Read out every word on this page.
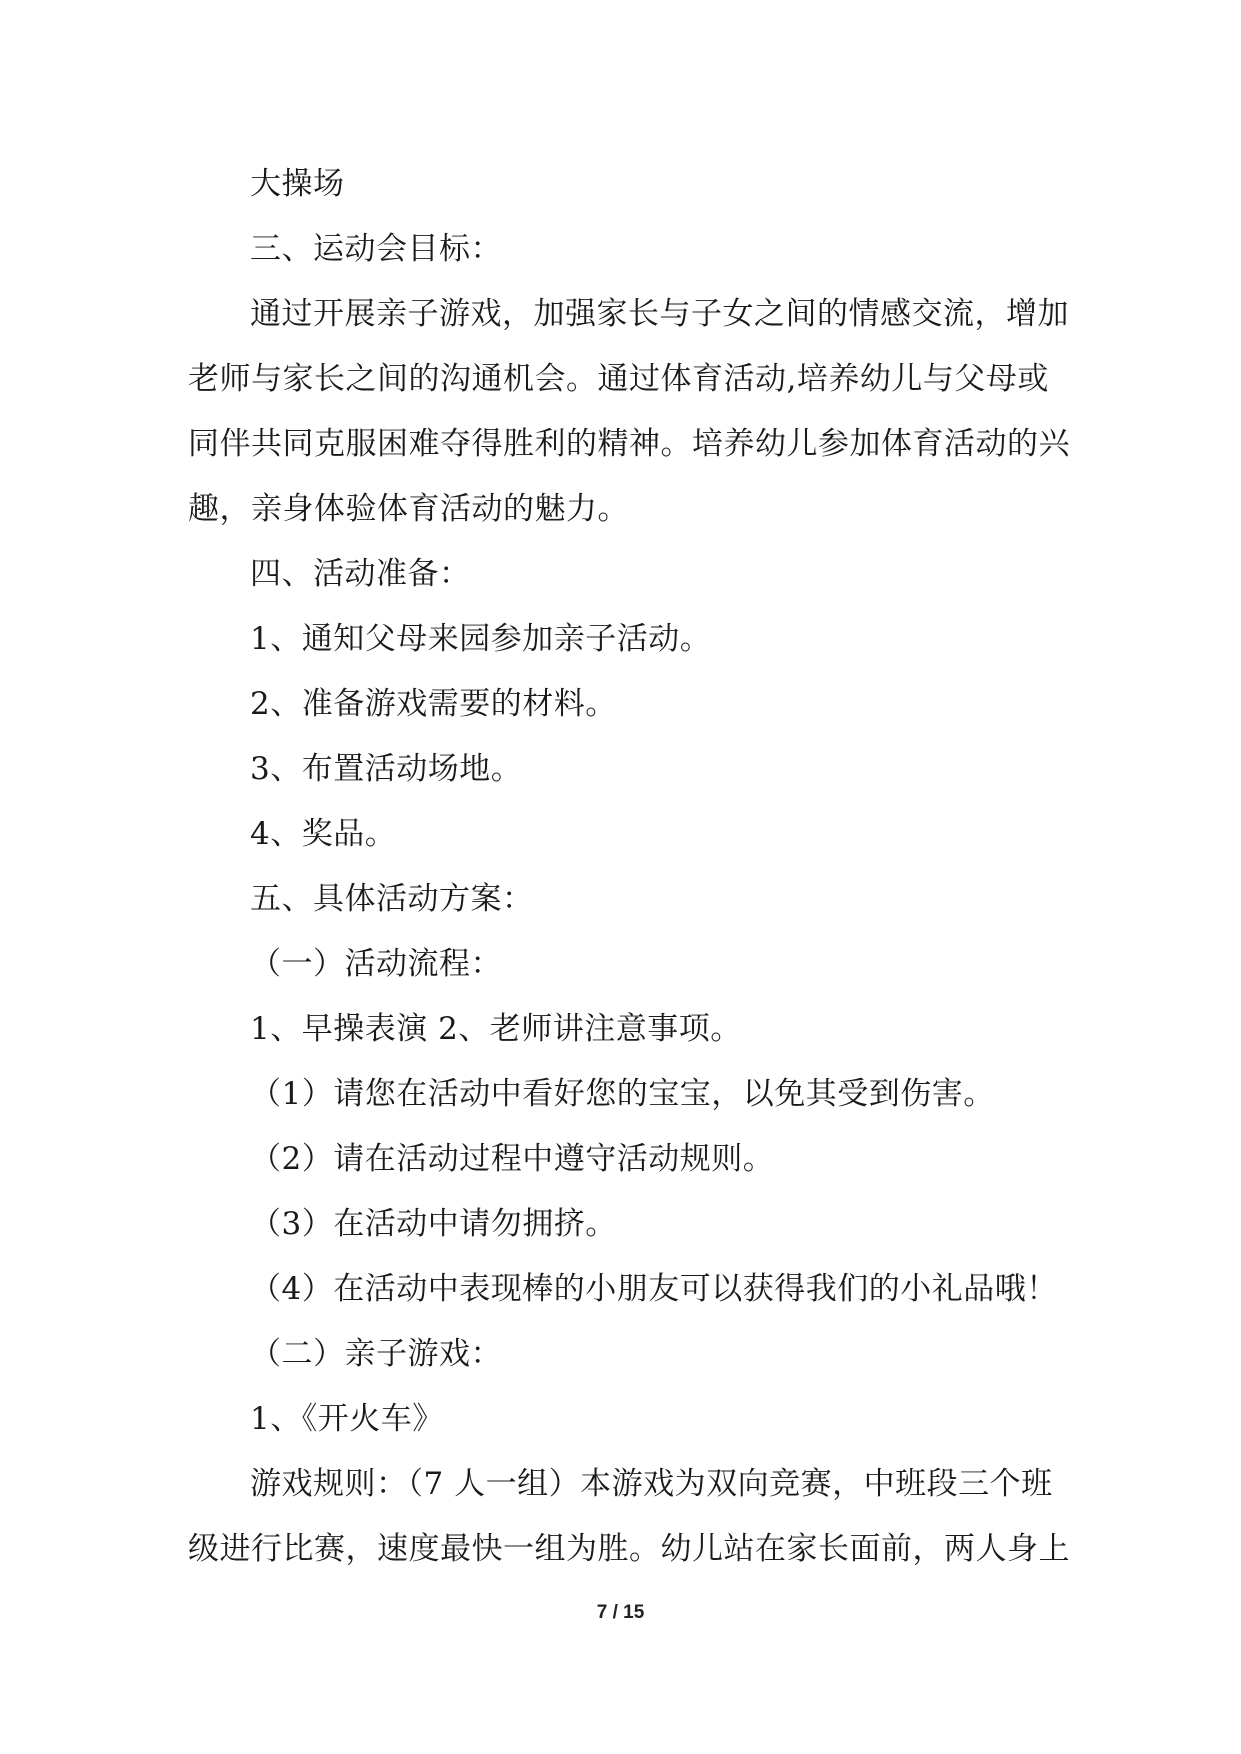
大操场
三、运动会目标：
通过开展亲子游戏，加强家长与子女之间的情感交流，增加
老师与家长之间的沟通机会。通过体育活动,培养幼儿与父母或
同伴共同克服困难夺得胜利的精神。培养幼儿参加体育活动的兴
趣，亲身体验体育活动的魅力。
四、活动准备：
1、通知父母来园参加亲子活动。
2、准备游戏需要的材料。
3、布置活动场地。
4、奖品。
五、具体活动方案：
（一）活动流程：
1、早操表演 2、老师讲注意事项。
（1）请您在活动中看好您的宝宝，以免其受到伤害。
（2）请在活动过程中遵守活动规则。
（3）在活动中请勿拥挤。
（4）在活动中表现棒的小朋友可以获得我们的小礼品哦！
（二）亲子游戏：
1、《开火车》
游戏规则：（7 人一组）本游戏为双向竞赛，中班段三个班
级进行比赛，速度最快一组为胜。幼儿站在家长面前，两人身上
7 / 15
